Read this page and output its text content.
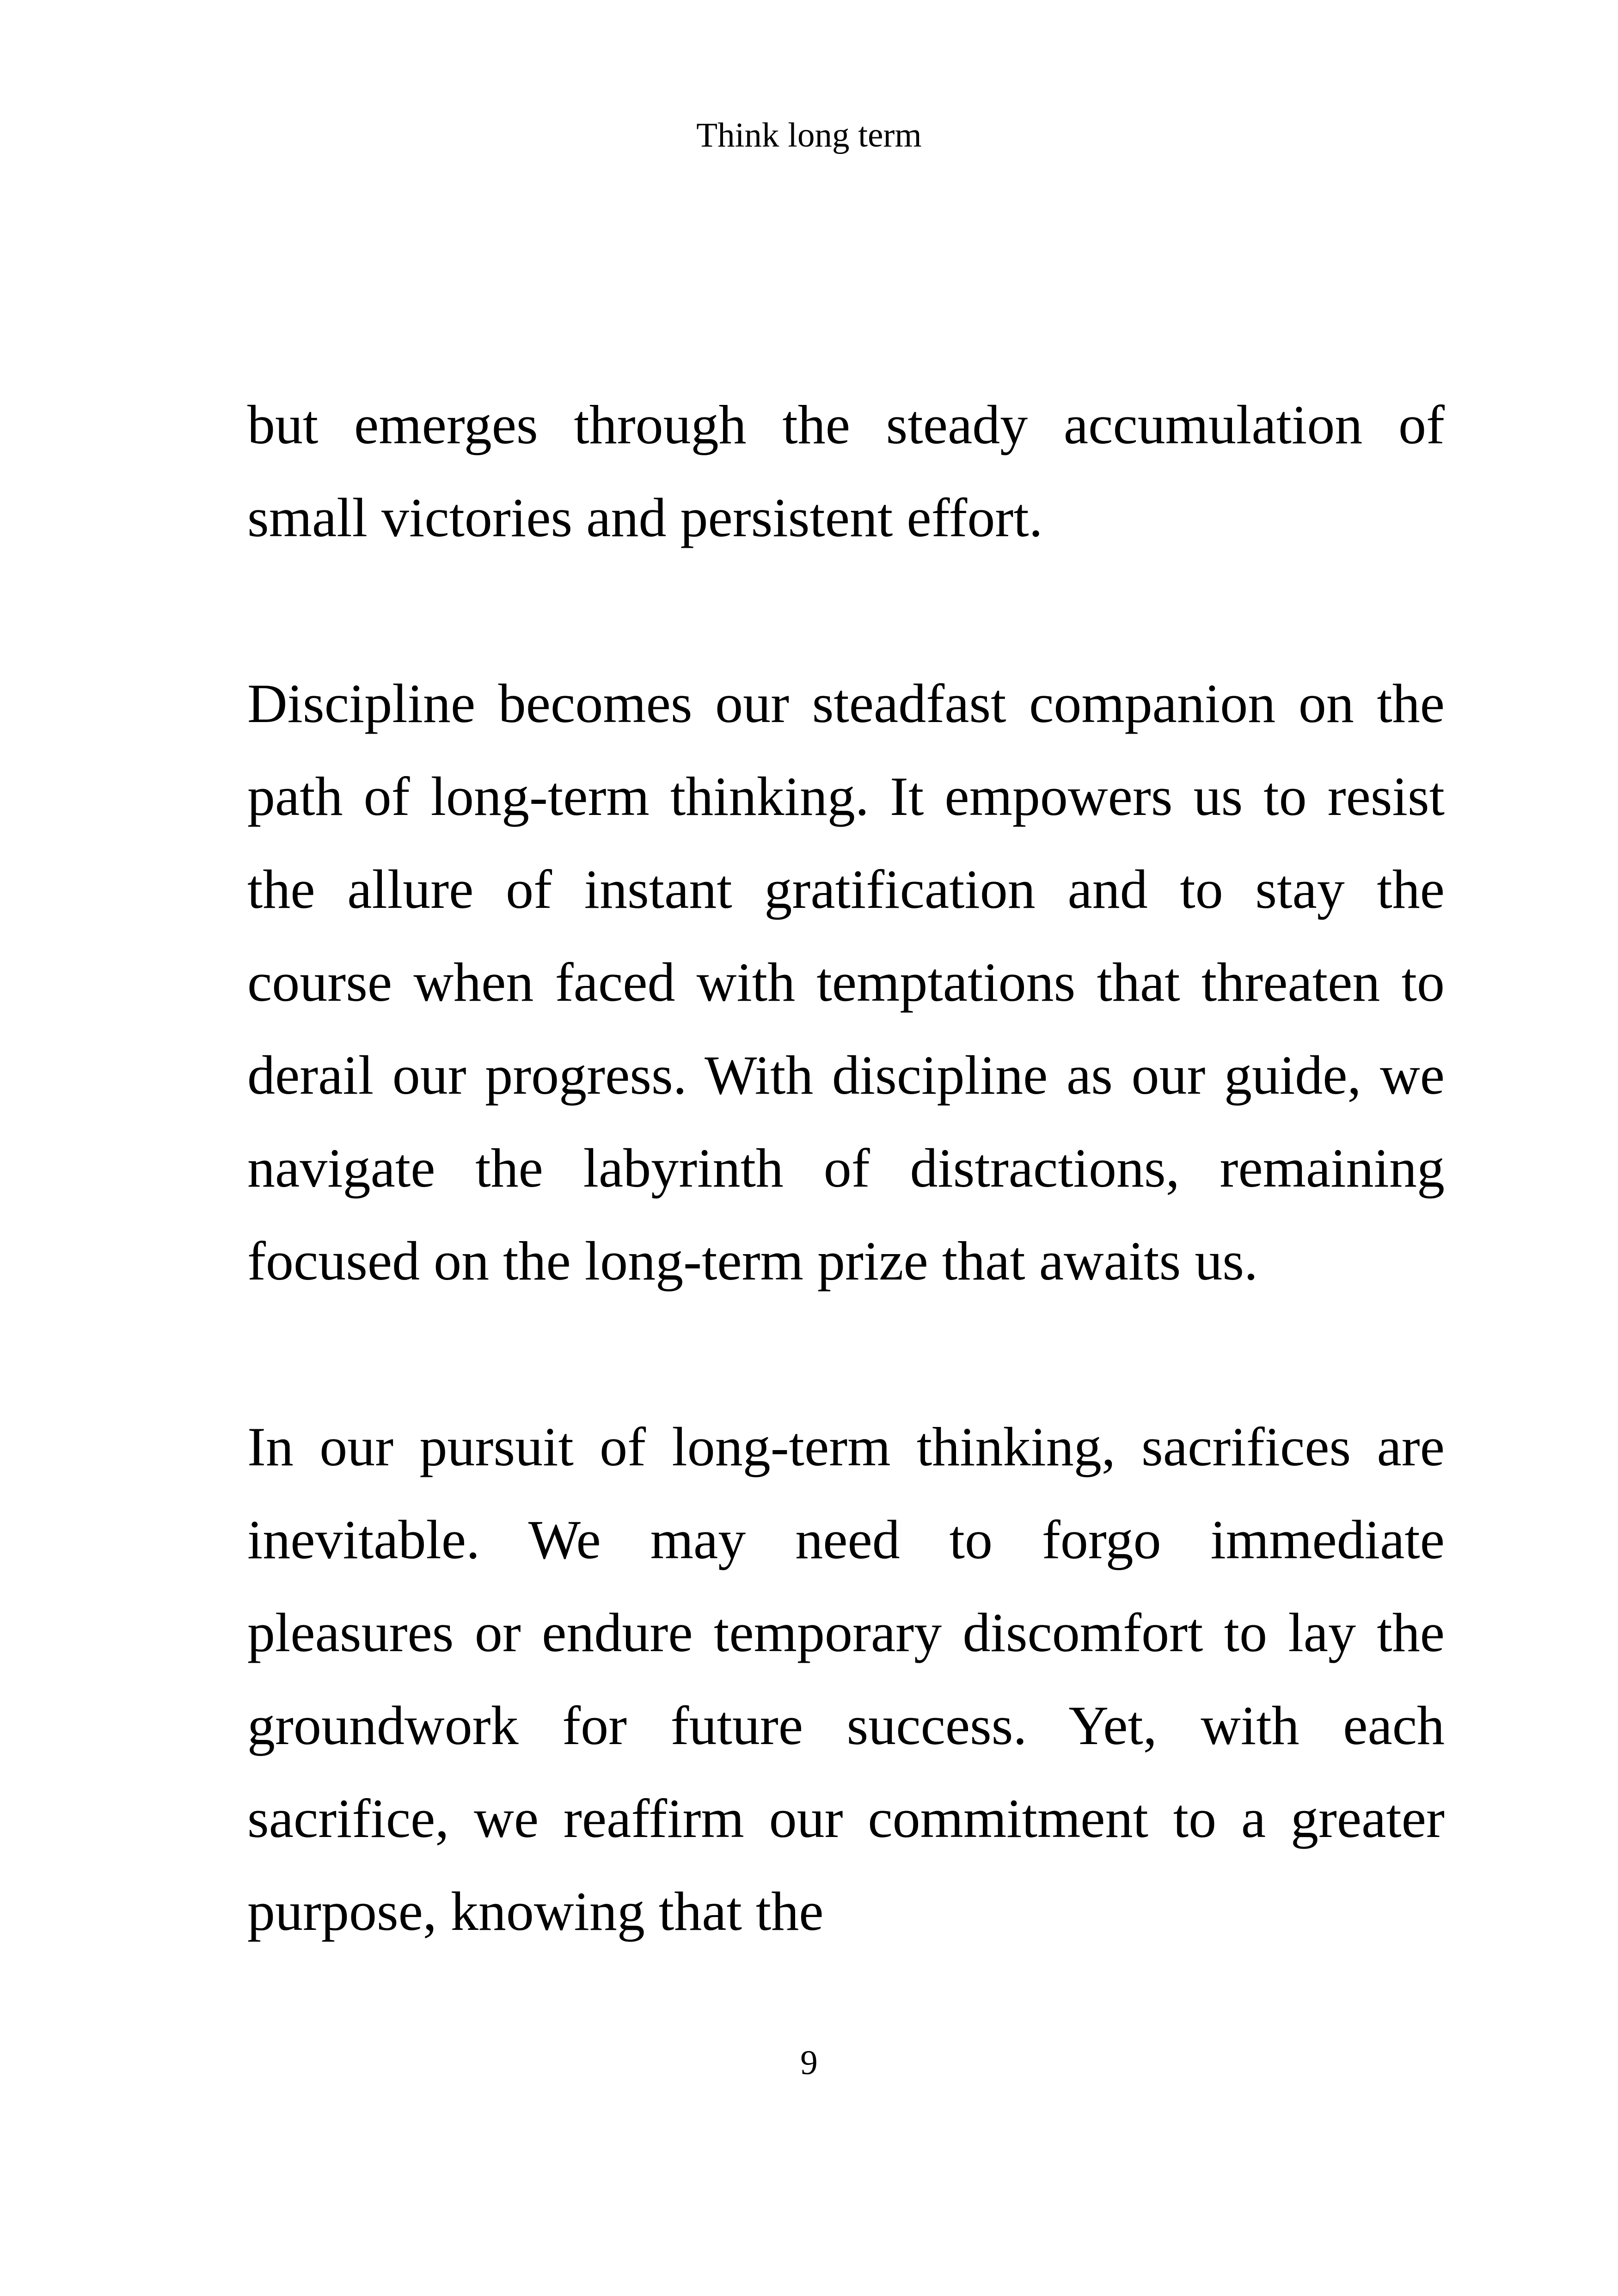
Think long term

but emerges through the steady accumulation of small victories and persistent effort.

Discipline becomes our steadfast companion on the path of long-term thinking. It empowers us to resist the allure of instant gratification and to stay the course when faced with temptations that threaten to derail our progress. With discipline as our guide, we navigate the labyrinth of distractions, remaining focused on the long-term prize that awaits us.

In our pursuit of long-term thinking, sacrifices are inevitable. We may need to forgo immediate pleasures or endure temporary discomfort to lay the groundwork for future success. Yet, with each sacrifice, we reaffirm our commitment to a greater purpose, knowing that the

9
